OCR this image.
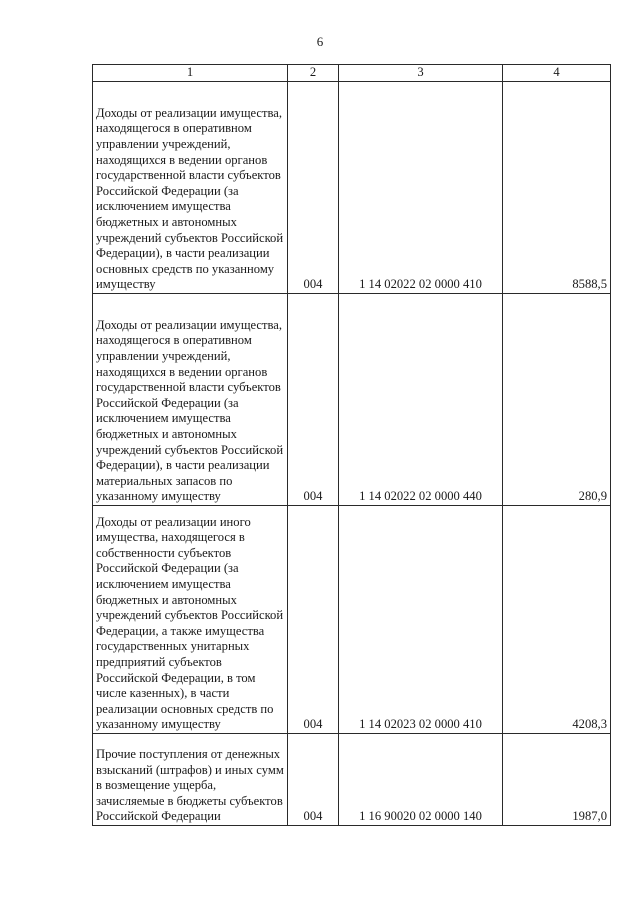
6
1	2	3	4
Доходы от реализации имущества, находящегося в оперативном управлении учреждений, находящихся в ведении органов государственной власти субъектов Российской Федерации (за исключением имущества бюджетных и автономных учреждений субъектов Российской Федерации), в части реализации основных средств по указанному имуществу	004	1 14 02022 02 0000 410	8588,5
Доходы от реализации имущества, находящегося в оперативном управлении учреждений, находящихся в ведении органов государственной власти субъектов Российской Федерации (за исключением имущества бюджетных и автономных учреждений субъектов Российской Федерации), в части реализации материальных запасов по указанному имуществу	004	1 14 02022 02 0000 440	280,9
Доходы от реализации иного имущества, находящегося в собственности субъектов Российской Федерации (за исключением имущества бюджетных и автономных учреждений субъектов Российской Федерации, а также имущества государственных унитарных предприятий субъектов Российской Федерации, в том числе казенных), в части реализации основных средств по указанному имуществу	004	1 14 02023 02 0000 410	4208,3
Прочие поступления от денежных взысканий (штрафов) и иных сумм в возмещение ущерба, зачисляемые в бюджеты субъектов Российской Федерации	004	1 16 90020 02 0000 140	1987,0
